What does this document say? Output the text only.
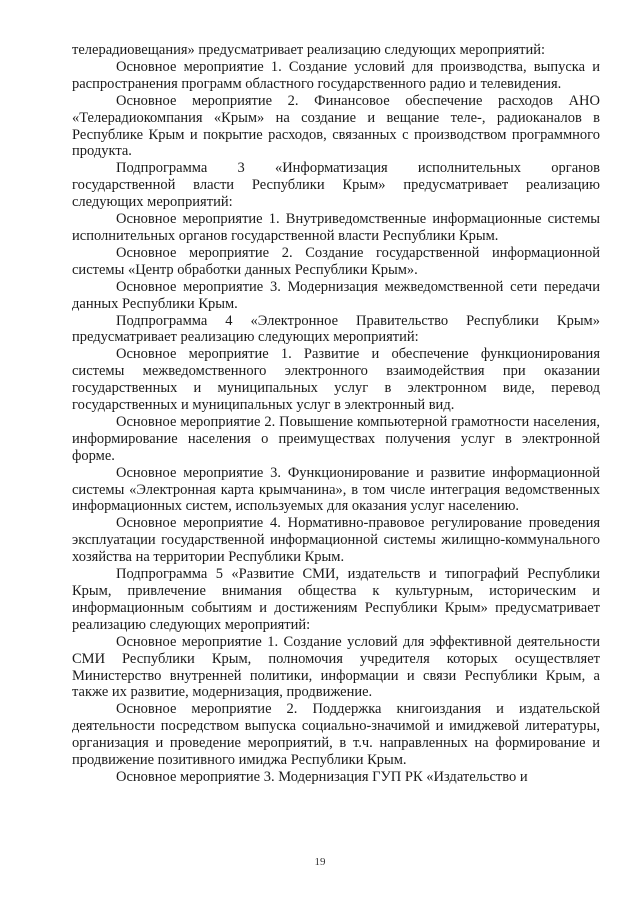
телерадиовещания» предусматривает реализацию следующих мероприятий:

Основное мероприятие 1. Создание условий для производства, выпуска и распространения программ областного государственного радио и телевидения.

Основное мероприятие 2. Финансовое обеспечение расходов АНО «Телерадиокомпания «Крым» на создание и вещание теле-, радиоканалов в Республике Крым и покрытие расходов, связанных с производством программного продукта.

Подпрограмма 3 «Информатизация исполнительных органов государственной власти Республики Крым» предусматривает реализацию следующих мероприятий:

Основное мероприятие 1. Внутриведомственные информационные системы исполнительных органов государственной власти Республики Крым.

Основное мероприятие 2. Создание государственной информационной системы «Центр обработки данных Республики Крым».

Основное мероприятие 3. Модернизация межведомственной сети передачи данных Республики Крым.

Подпрограмма 4 «Электронное Правительство Республики Крым» предусматривает реализацию следующих мероприятий:

Основное мероприятие 1. Развитие и обеспечение функционирования системы межведомственного электронного взаимодействия при оказании государственных и муниципальных услуг в электронном виде, перевод государственных и муниципальных услуг в электронный вид.

Основное мероприятие 2. Повышение компьютерной грамотности населения, информирование населения о преимуществах получения услуг в электронной форме.

Основное мероприятие 3. Функционирование и развитие информационной системы «Электронная карта крымчанина», в том числе интеграция ведомственных информационных систем, используемых для оказания услуг населению.

Основное мероприятие 4. Нормативно-правовое регулирование проведения эксплуатации государственной информационной системы жилищно-коммунального хозяйства на территории Республики Крым.

Подпрограмма 5 «Развитие СМИ, издательств и типографий Республики Крым, привлечение внимания общества к культурным, историческим и информационным событиям и достижениям Республики Крым» предусматривает реализацию следующих мероприятий:

Основное мероприятие 1. Создание условий для эффективной деятельности СМИ Республики Крым, полномочия учредителя которых осуществляет Министерство внутренней политики, информации и связи Республики Крым, а также их развитие, модернизация, продвижение.

Основное мероприятие 2. Поддержка книгоиздания и издательской деятельности посредством выпуска социально-значимой и имиджевой литературы, организация и проведение мероприятий, в т.ч. направленных на формирование и продвижение позитивного имиджа Республики Крым.

Основное мероприятие 3. Модернизация ГУП РК «Издательство и

19
